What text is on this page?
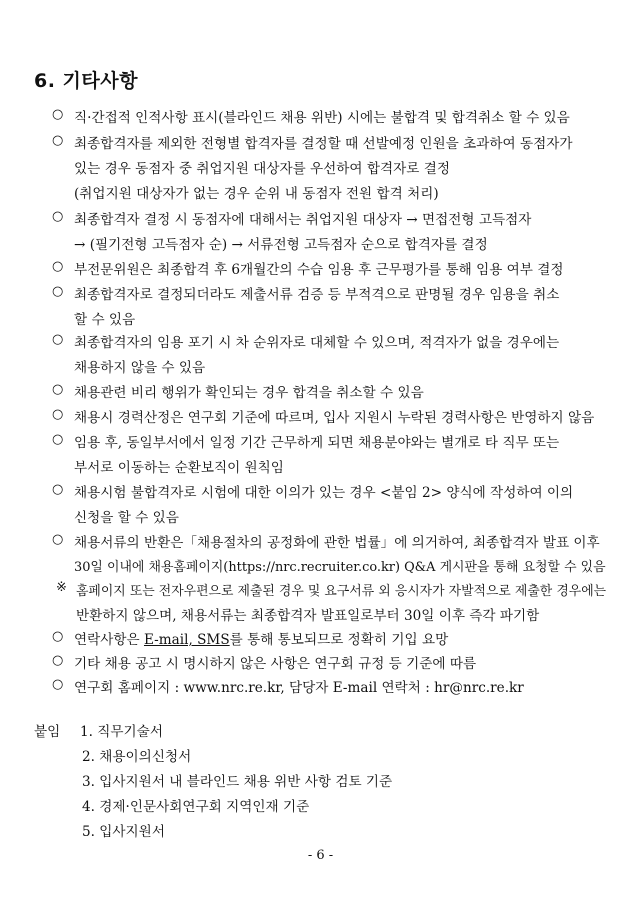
6. 기타사항
○ 직·간접적 인적사항 표시(블라인드 채용 위반) 시에는 불합격 및 합격취소 할 수 있음
○ 최종합격자를 제외한 전형별 합격자를 결정할 때 선발예정 인원을 초과하여 동점자가
있는 경우 동점자 중 취업지원 대상자를 우선하여 합격자로 결정
(취업지원 대상자가 없는 경우 순위 내 동점자 전원 합격 처리)
○ 최종합격자 결정 시 동점자에 대해서는 취업지원 대상자 → 면접전형 고득점자
→ (필기전형 고득점자 순) → 서류전형 고득점자 순으로 합격자를 결정
○ 부전문위원은 최종합격 후 6개월간의 수습 임용 후 근무평가를 통해 임용 여부 결정
○ 최종합격자로 결정되더라도 제출서류 검증 등 부적격으로 판명될 경우 임용을 취소
할 수 있음
○ 최종합격자의 임용 포기 시 차 순위자로 대체할 수 있으며, 적격자가 없을 경우에는
채용하지 않을 수 있음
○ 채용관련 비리 행위가 확인되는 경우 합격을 취소할 수 있음
○ 채용시 경력산정은 연구회 기준에 따르며, 입사 지원시 누락된 경력사항은 반영하지 않음
○ 임용 후, 동일부서에서 일정 기간 근무하게 되면 채용분야와는 별개로 타 직무 또는
부서로 이동하는 순환보직이 원칙임
○ 채용시험 불합격자로 시험에 대한 이의가 있는 경우 <붙임 2> 양식에 작성하여 이의
신청을 할 수 있음
○ 채용서류의 반환은「채용절차의 공정화에 관한 법률」에 의거하여, 최종합격자 발표 이후
30일 이내에 채용홈페이지(https://nrc.recruiter.co.kr) Q&A 게시판을 통해 요청할 수 있음
※ 홈페이지 또는 전자우편으로 제출된 경우 및 요구서류 외 응시자가 자발적으로 제출한 경우에는
반환하지 않으며, 채용서류는 최종합격자 발표일로부터 30일 이후 즉각 파기함
○ 연락사항은 E-mail, SMS를 통해 통보되므로 정확히 기입 요망
○ 기타 채용 공고 시 명시하지 않은 사항은 연구회 규정 등 기준에 따름
○ 연구회 홈페이지 : www.nrc.re.kr, 담당자 E-mail 연락처 : hr@nrc.re.kr
붙임 1. 직무기술서
2. 채용이의신청서
3. 입사지원서 내 블라인드 채용 위반 사항 검토 기준
4. 경제·인문사회연구회 지역인재 기준
5. 입사지원서
- 6 -
